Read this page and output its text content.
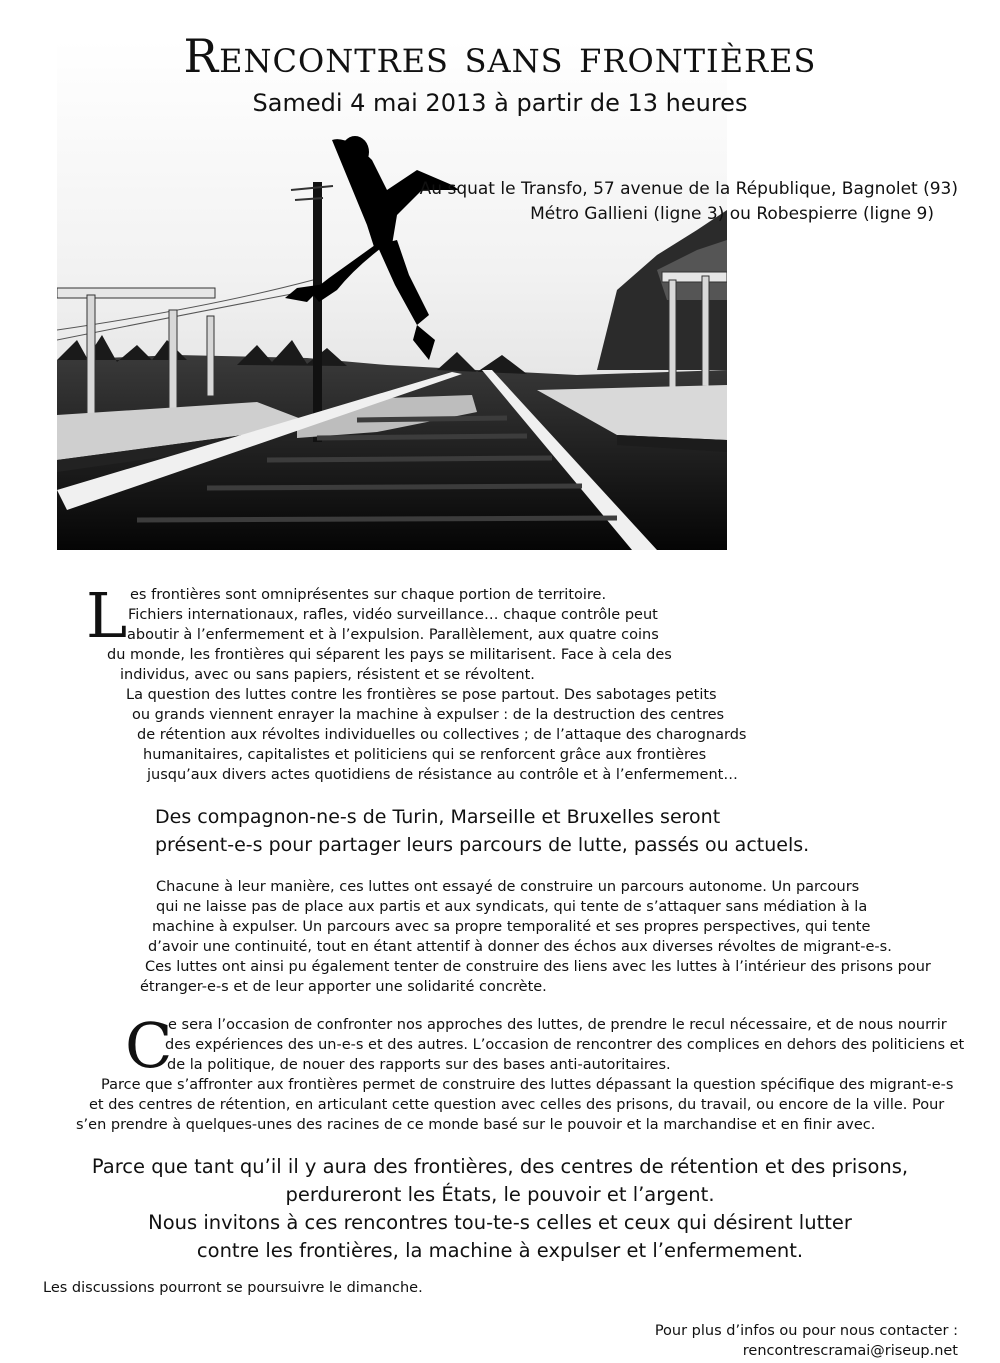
Rencontres sans frontières
Samedi 4 mai 2013 à partir de 13 heures
Au squat le Transfo, 57 avenue de la République, Bagnolet (93)
Métro Gallieni (ligne 3) ou Robespierre (ligne 9)
L es frontières sont omniprésentes sur chaque portion de territoire.
Fichiers internationaux, rafles, vidéo surveillance… chaque contrôle peut
aboutir à l’enfermement et à l’expulsion. Parallèlement, aux quatre coins
du monde, les frontières qui séparent les pays se militarisent. Face à cela des
individus, avec ou sans papiers, résistent et se révoltent.
La question des luttes contre les frontières se pose partout. Des sabotages petits
ou grands viennent enrayer la machine à expulser : de la destruction des centres
de rétention aux révoltes individuelles ou collectives ; de l’attaque des charognards
humanitaires, capitalistes et politiciens qui se renforcent grâce aux frontières
jusqu’aux divers actes quotidiens de résistance au contrôle et à l’enfermement…
Des compagnon-ne-s de Turin, Marseille et Bruxelles seront
présent-e-s pour partager leurs parcours de lutte, passés ou actuels.
Chacune à leur manière, ces luttes ont essayé de construire un parcours autonome. Un parcours
qui ne laisse pas de place aux partis et aux syndicats, qui tente de s’attaquer sans médiation à la
machine à expulser. Un parcours avec sa propre temporalité et ses propres perspectives, qui tente
d’avoir une continuité, tout en étant attentif à donner des échos aux diverses révoltes de migrant-e-s.
Ces luttes ont ainsi pu également tenter de construire des liens avec les luttes à l’intérieur des prisons pour
étranger-e-s et de leur apporter une solidarité concrète.
C
e sera l’occasion de confronter nos approches des luttes, de prendre le recul nécessaire, et de nous nourrir
des expériences des un-e-s et des autres. L’occasion de rencontrer des complices en dehors des politiciens et
de la politique, de nouer des rapports sur des bases anti-autoritaires.
Parce que s’affronter aux frontières permet de construire des luttes dépassant la question spécifique des migrant-e-s
et des centres de rétention, en articulant cette question avec celles des prisons, du travail, ou encore de la ville. Pour
s’en prendre à quelques-unes des racines de ce monde basé sur le pouvoir et la marchandise et en finir avec.
Parce que tant qu’il il y aura des frontières, des centres de rétention et des prisons,
perdureront les États, le pouvoir et l’argent.
Nous invitons à ces rencontres tou-te-s celles et ceux qui désirent lutter
contre les frontières, la machine à expulser et l’enfermement.
Les discussions pourront se poursuivre le dimanche.
Pour plus d’infos ou pour nous contacter :
rencontrescramai@riseup.net
